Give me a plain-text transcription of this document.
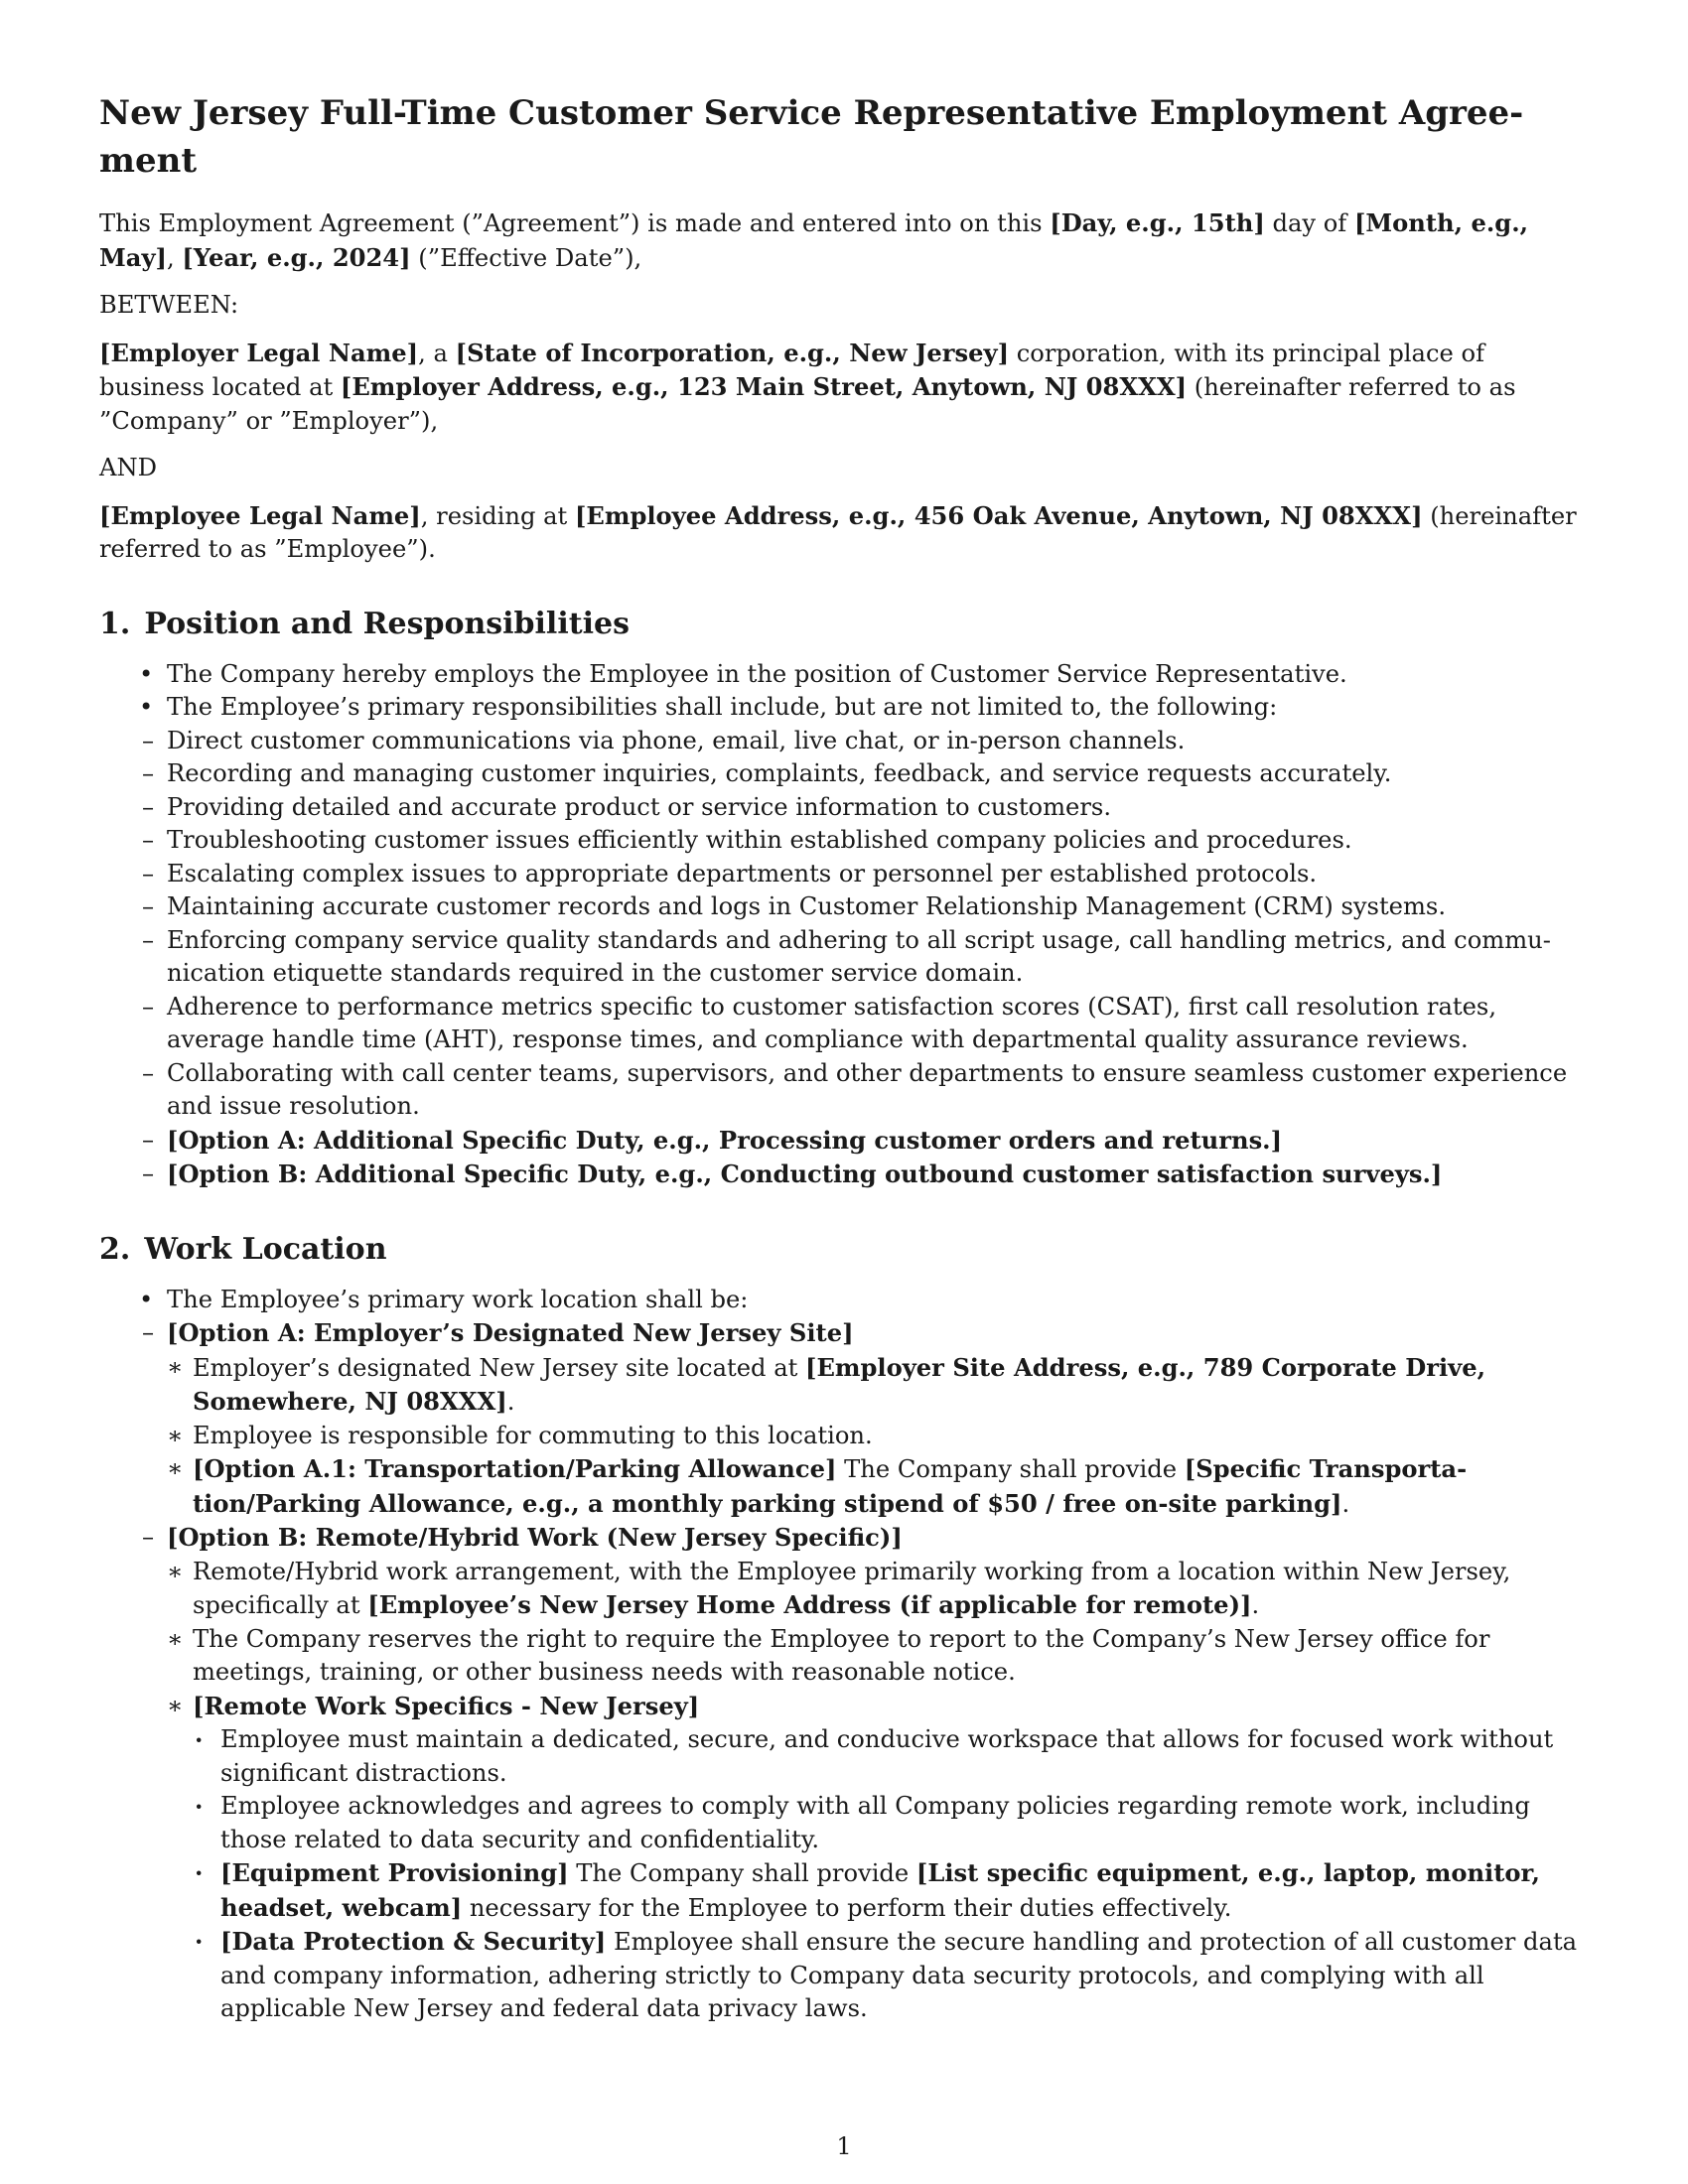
New Jersey Full-Time Customer Service Representative Employment Agreement

This Employment Agreement (”Agreement”) is made and entered into on this [Day, e.g., 15th] day of [Month, e.g., May], [Year, e.g., 2024] (”Effective Date”),

BETWEEN:

[Employer Legal Name], a [State of Incorporation, e.g., New Jersey] corporation, with its principal place of business located at [Employer Address, e.g., 123 Main Street, Anytown, NJ 08XXX] (hereinafter referred to as ”Company” or ”Employer”),

AND

[Employee Legal Name], residing at [Employee Address, e.g., 456 Oak Avenue, Anytown, NJ 08XXX] (hereinafter referred to as ”Employee”).

1. Position and Responsibilities
• The Company hereby employs the Employee in the position of Customer Service Representative.
• The Employee’s primary responsibilities shall include, but are not limited to, the following:
– Direct customer communications via phone, email, live chat, or in-person channels.
– Recording and managing customer inquiries, complaints, feedback, and service requests accurately.
– Providing detailed and accurate product or service information to customers.
– Troubleshooting customer issues efficiently within established company policies and procedures.
– Escalating complex issues to appropriate departments or personnel per established protocols.
– Maintaining accurate customer records and logs in Customer Relationship Management (CRM) systems.
– Enforcing company service quality standards and adhering to all script usage, call handling metrics, and communication etiquette standards required in the customer service domain.
– Adherence to performance metrics specific to customer satisfaction scores (CSAT), first call resolution rates, average handle time (AHT), response times, and compliance with departmental quality assurance reviews.
– Collaborating with call center teams, supervisors, and other departments to ensure seamless customer experience and issue resolution.
– [Option A: Additional Specific Duty, e.g., Processing customer orders and returns.]
– [Option B: Additional Specific Duty, e.g., Conducting outbound customer satisfaction surveys.]
2. Work Location
• The Employee’s primary work location shall be:
– [Option A: Employer’s Designated New Jersey Site]
∗ Employer’s designated New Jersey site located at [Employer Site Address, e.g., 789 Corporate Drive, Somewhere, NJ 08XXX].
∗ Employee is responsible for commuting to this location.
∗ [Option A.1: Transportation/Parking Allowance] The Company shall provide [Specific Transportation/Parking Allowance, e.g., a monthly parking stipend of $50 / free on-site parking].
– [Option B: Remote/Hybrid Work (New Jersey Specific)]
∗ Remote/Hybrid work arrangement, with the Employee primarily working from a location within New Jersey, specifically at [Employee’s New Jersey Home Address (if applicable for remote)].
∗ The Company reserves the right to require the Employee to report to the Company’s New Jersey office for meetings, training, or other business needs with reasonable notice.
∗ [Remote Work Specifics - New Jersey]
· Employee must maintain a dedicated, secure, and conducive workspace that allows for focused work without significant distractions.
· Employee acknowledges and agrees to comply with all Company policies regarding remote work, including those related to data security and confidentiality.
· [Equipment Provisioning] The Company shall provide [List specific equipment, e.g., laptop, monitor, headset, webcam] necessary for the Employee to perform their duties effectively.
· [Data Protection & Security] Employee shall ensure the secure handling and protection of all customer data and company information, adhering strictly to Company data security protocols, and complying with all applicable New Jersey and federal data privacy laws.
1
